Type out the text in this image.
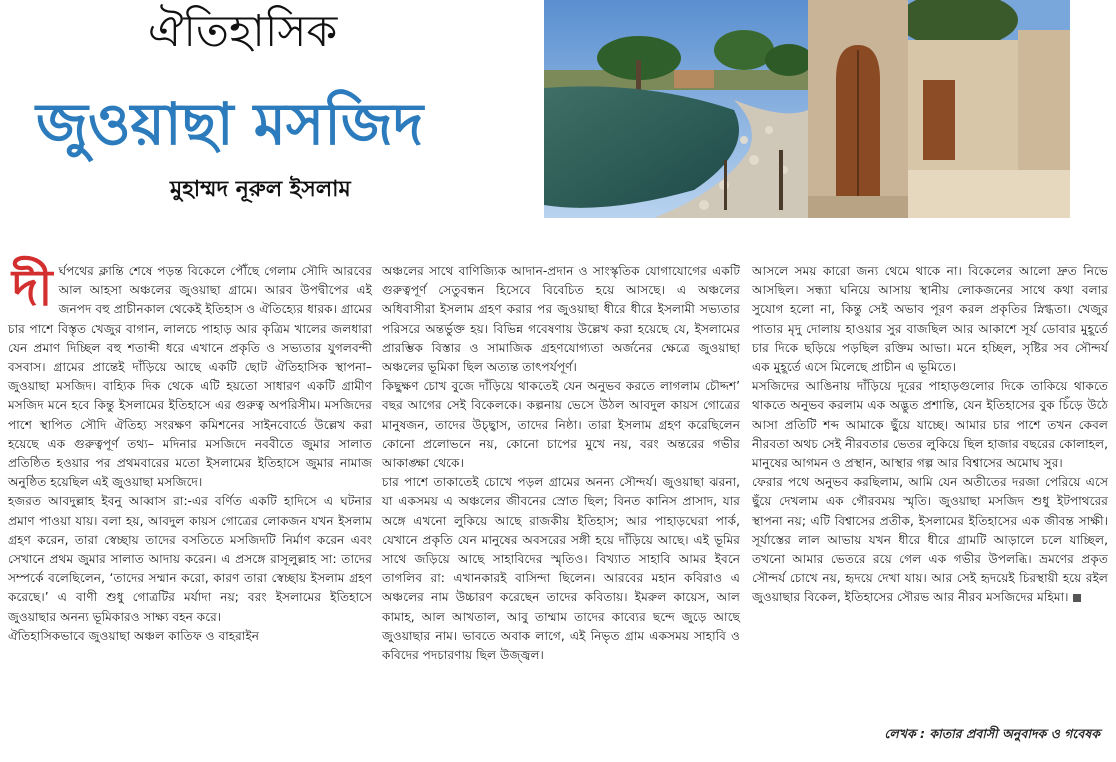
ঐতিহাসিক
জুওয়াছা মসজিদ
মুহাম্মদ নূরুল ইসলাম

দীর্ঘপথের ক্লান্তি শেষে পড়ন্ত বিকেলে পৌঁছে গেলাম সৌদি আরবের আল আহসা অঞ্চলের জুওয়াছা গ্রামে। আরব উপদ্বীপের এই জনপদ বহু প্রাচীনকাল থেকেই ইতিহাস ও ঐতিহ্যের ধারক। গ্রামের চার পাশে বিস্তৃত খেজুর বাগান, লালচে পাহাড় আর কৃত্রিম খালের জলধারা যেন প্রমাণ দিচ্ছিল বহু শতাব্দী ধরে এখানে প্রকৃতি ও সভ্যতার যুগলবন্দী বসবাস। গ্রামের প্রান্তেই দাঁড়িয়ে আছে একটি ছোট ঐতিহাসিক স্থাপনা– জুওয়াছা মসজিদ। বাহ্যিক দিক থেকে এটি হয়তো সাধারণ একটি গ্রামীণ মসজিদ মনে হবে কিন্তু ইসলামের ইতিহাসে এর গুরুত্ব অপরিসীম। মসজিদের পাশে স্থাপিত সৌদি ঐতিহ্য সংরক্ষণ কমিশনের সাইনবোর্ডে উল্লেখ করা হয়েছে এক গুরুত্বপূর্ণ তথ্য– মদিনার মসজিদে নববীতে জুমার সালাত প্রতিষ্ঠিত হওয়ার পর প্রথমবারের মতো ইসলামের ইতিহাসে জুমার নামাজ অনুষ্ঠিত হয়েছিল এই জুওয়াছা মসজিদে।

হজরত আবদুল্লাহ ইবনু আব্বাস রা:-এর বর্ণিত একটি হাদিসে এ ঘটনার প্রমাণ পাওয়া যায়। বলা হয়, আবদুল কায়স গোত্রের লোকজন যখন ইসলাম গ্রহণ করেন, তারা স্বেচ্ছায় তাদের বসতিতে মসজিদটি নির্মাণ করেন এবং সেখানে প্রথম জুমার সালাত আদায় করেন। এ প্রসঙ্গে রাসূলুল্লাহ সা: তাদের সম্পর্কে বলেছিলেন, ‘তাদের সম্মান করো, কারণ তারা স্বেচ্ছায় ইসলাম গ্রহণ করেছে।’ এ বাণী শুধু গোত্রটির মর্যাদা নয়; বরং ইসলামের ইতিহাসে জুওয়াছার অনন্য ভূমিকারও সাক্ষ্য বহন করে।

ঐতিহাসিকভাবে জুওয়াছা অঞ্চল কাতিফ ও বাহরাইন

অঞ্চলের সাথে বাণিজ্যিক আদান-প্রদান ও সাংস্কৃতিক যোগাযোগের একটি গুরুত্বপূর্ণ সেতুবন্ধন হিসেবে বিবেচিত হয়ে আসছে। এ অঞ্চলের অধিবাসীরা ইসলাম গ্রহণ করার পর জুওয়াছা ধীরে ধীরে ইসলামী সভ্যতার পরিসরে অন্তর্ভুক্ত হয়। বিভিন্ন গবেষণায় উল্লেখ করা হয়েছে যে, ইসলামের প্রারম্ভিক বিস্তার ও সামাজিক গ্রহণযোগ্যতা অর্জনের ক্ষেত্রে জুওয়াছা অঞ্চলের ভূমিকা ছিল অত্যন্ত তাৎপর্যপূর্ণ।

কিছুক্ষণ চোখ বুজে দাঁড়িয়ে থাকতেই যেন অনুভব করতে লাগলাম চৌদ্দশ’ বছর আগের সেই বিকেলকে। কল্পনায় ভেসে উঠল আবদুল কায়স গোত্রের মানুষজন, তাদের উচ্ছ্বাস, তাদের নিষ্ঠা। তারা ইসলাম গ্রহণ করেছিলেন কোনো প্রলোভনে নয়, কোনো চাপের মুখে নয়, বরং অন্তরের গভীর আকাঙ্ক্ষা থেকে।

চার পাশে তাকাতেই চোখে পড়ল গ্রামের অনন্য সৌন্দর্য। জুওয়াছা ঝরনা, যা একসময় এ অঞ্চলের জীবনের স্রোত ছিল; বিনত কানিস প্রাসাদ, যার অঙ্গে এখনো লুকিয়ে আছে রাজকীয় ইতিহাস; আর পাহাড়ঘেরা পার্ক, যেখানে প্রকৃতি যেন মানুষের অবসরের সঙ্গী হয়ে দাঁড়িয়ে আছে। এই ভূমির সাথে জড়িয়ে আছে সাহাবিদের স্মৃতিও। বিখ্যাত সাহাবি আমর ইবনে তাগলিব রা: এখানকারই বাসিন্দা ছিলেন। আরবের মহান কবিরাও এ অঞ্চলের নাম উচ্চারণ করেছেন তাদের কবিতায়। ইমরুল কায়েস, আল কামাহ, আল আখতাল, আবু তাম্মাম তাদের কাব্যের ছন্দে জুড়ে আছে জুওয়াছার নাম। ভাবতে অবাক লাগে, এই নিভৃত গ্রাম একসময় সাহাবি ও কবিদের পদচারণায় ছিল উজ্জ্বল।

আসলে সময় কারো জন্য থেমে থাকে না। বিকেলের আলো দ্রুত নিভে আসছিল। সন্ধ্যা ঘনিয়ে আসায় স্থানীয় লোকজনের সাথে কথা বলার সুযোগ হলো না, কিন্তু সেই অভাব পূরণ করল প্রকৃতির স্নিগ্ধতা। খেজুর পাতার মৃদু দোলায় হাওয়ার সুর বাজছিল আর আকাশে সূর্য ডোবার মুহূর্তে চার দিকে ছড়িয়ে পড়ছিল রক্তিম আভা। মনে হচ্ছিল, সৃষ্টির সব সৌন্দর্য এক মুহূর্তে এসে মিলেছে প্রাচীন এ ভূমিতে।

মসজিদের আঙিনায় দাঁড়িয়ে দূরের পাহাড়গুলোর দিকে তাকিয়ে থাকতে থাকতে অনুভব করলাম এক অদ্ভুত প্রশান্তি, যেন ইতিহাসের বুক চিঁড়ে উঠে আসা প্রতিটি শব্দ আমাকে ছুঁয়ে যাচ্ছে। আমার চার পাশে তখন কেবল নীরবতা অথচ সেই নীরবতার ভেতর লুকিয়ে ছিল হাজার বছরের কোলাহল, মানুষের আগমন ও প্রস্থান, আস্থার গল্প আর বিশ্বাসের অমোঘ সুর।

ফেরার পথে অনুভব করছিলাম, আমি যেন অতীতের দরজা পেরিয়ে এসে ছুঁয়ে দেখলাম এক গৌরবময় স্মৃতি। জুওয়াছা মসজিদ শুধু ইটপাথরের স্থাপনা নয়; এটি বিশ্বাসের প্রতীক, ইসলামের ইতিহাসের এক জীবন্ত সাক্ষী। সূর্যাস্তের লাল আভায় যখন ধীরে ধীরে গ্রামটি আড়ালে চলে যাচ্ছিল, তখনো আমার ভেতরে রয়ে গেল এক গভীর উপলব্ধি। ভ্রমণের প্রকৃত সৌন্দর্য চোখে নয়, হৃদয়ে দেখা যায়। আর সেই হৃদয়েই চিরস্থায়ী হয়ে রইল জুওয়াছার বিকেল, ইতিহাসের সৌরভ আর নীরব মসজিদের মহিমা।

লেখক : কাতার প্রবাসী অনুবাদক ও গবেষক
